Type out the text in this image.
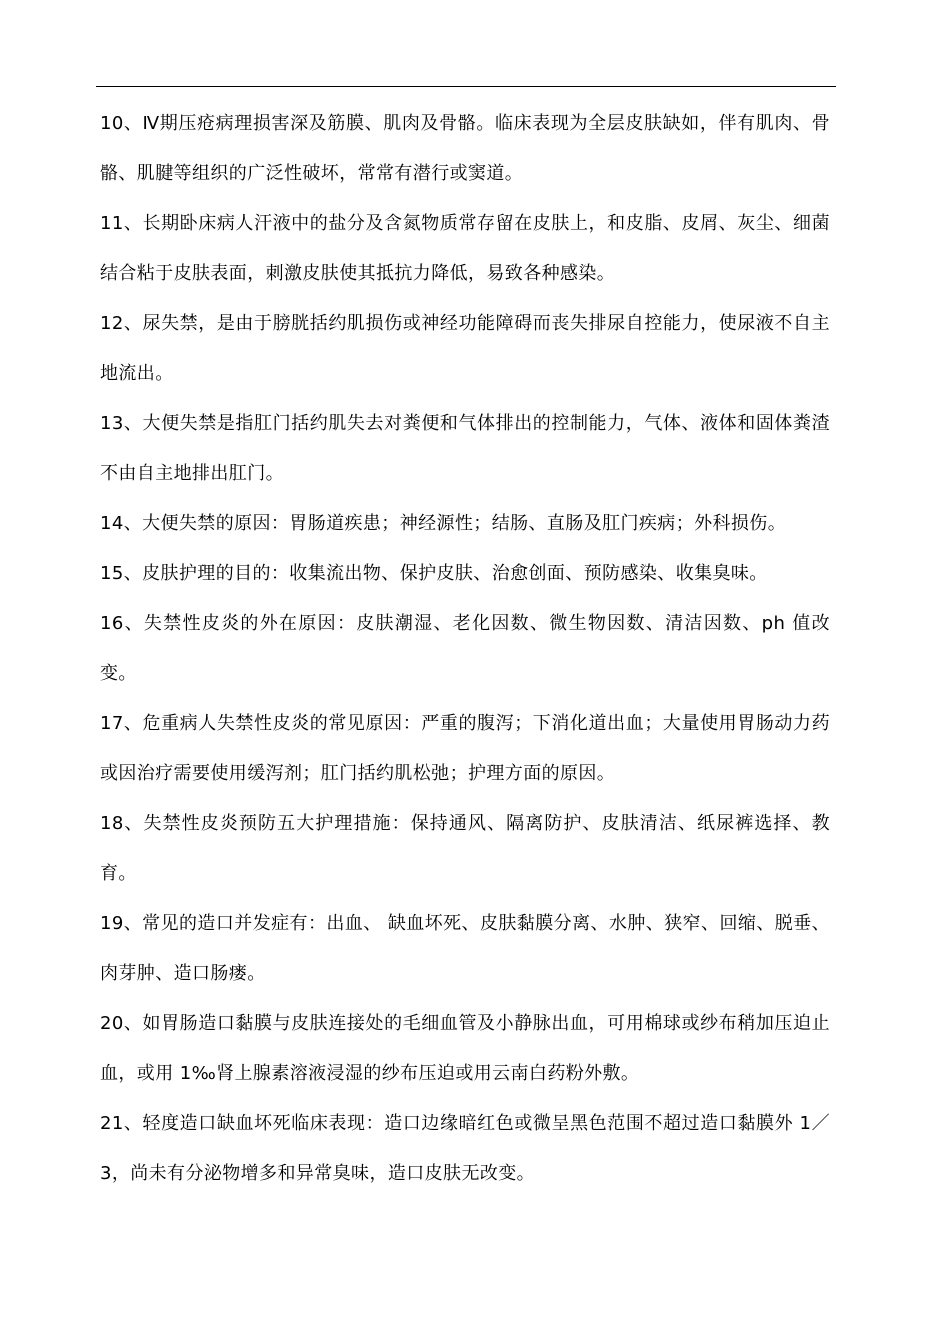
10、Ⅳ期压疮病理损害深及筋膜、肌肉及骨骼。临床表现为全层皮肤缺如，伴有肌肉、骨骼、肌腱等组织的广泛性破坏，常常有潜行或窦道。

11、长期卧床病人汗液中的盐分及含氮物质常存留在皮肤上，和皮脂、皮屑、灰尘、细菌结合粘于皮肤表面，刺激皮肤使其抵抗力降低，易致各种感染。

12、尿失禁，是由于膀胱括约肌损伤或神经功能障碍而丧失排尿自控能力，使尿液不自主地流出。

13、大便失禁是指肛门括约肌失去对粪便和气体排出的控制能力，气体、液体和固体粪渣不由自主地排出肛门。

14、大便失禁的原因：胃肠道疾患；神经源性；结肠、直肠及肛门疾病；外科损伤。

15、皮肤护理的目的：收集流出物、保护皮肤、治愈创面、预防感染、收集臭味。

16、失禁性皮炎的外在原因：皮肤潮湿、老化因数、微生物因数、清洁因数、ph 值改变。

17、危重病人失禁性皮炎的常见原因：严重的腹泻；下消化道出血；大量使用胃肠动力药或因治疗需要使用缓泻剂；肛门括约肌松弛；护理方面的原因。

18、失禁性皮炎预防五大护理措施：保持通风、隔离防护、皮肤清洁、纸尿裤选择、教育。

19、常见的造口并发症有：出血、 缺血坏死、皮肤黏膜分离、水肿、狭窄、回缩、脱垂、肉芽肿、造口肠瘘。

20、如胃肠造口黏膜与皮肤连接处的毛细血管及小静脉出血，可用棉球或纱布稍加压迫止血，或用 1‰肾上腺素溶液浸湿的纱布压迫或用云南白药粉外敷。

21、轻度造口缺血坏死临床表现：造口边缘暗红色或微呈黑色范围不超过造口黏膜外 1／3，尚未有分泌物增多和异常臭味，造口皮肤无改变。
